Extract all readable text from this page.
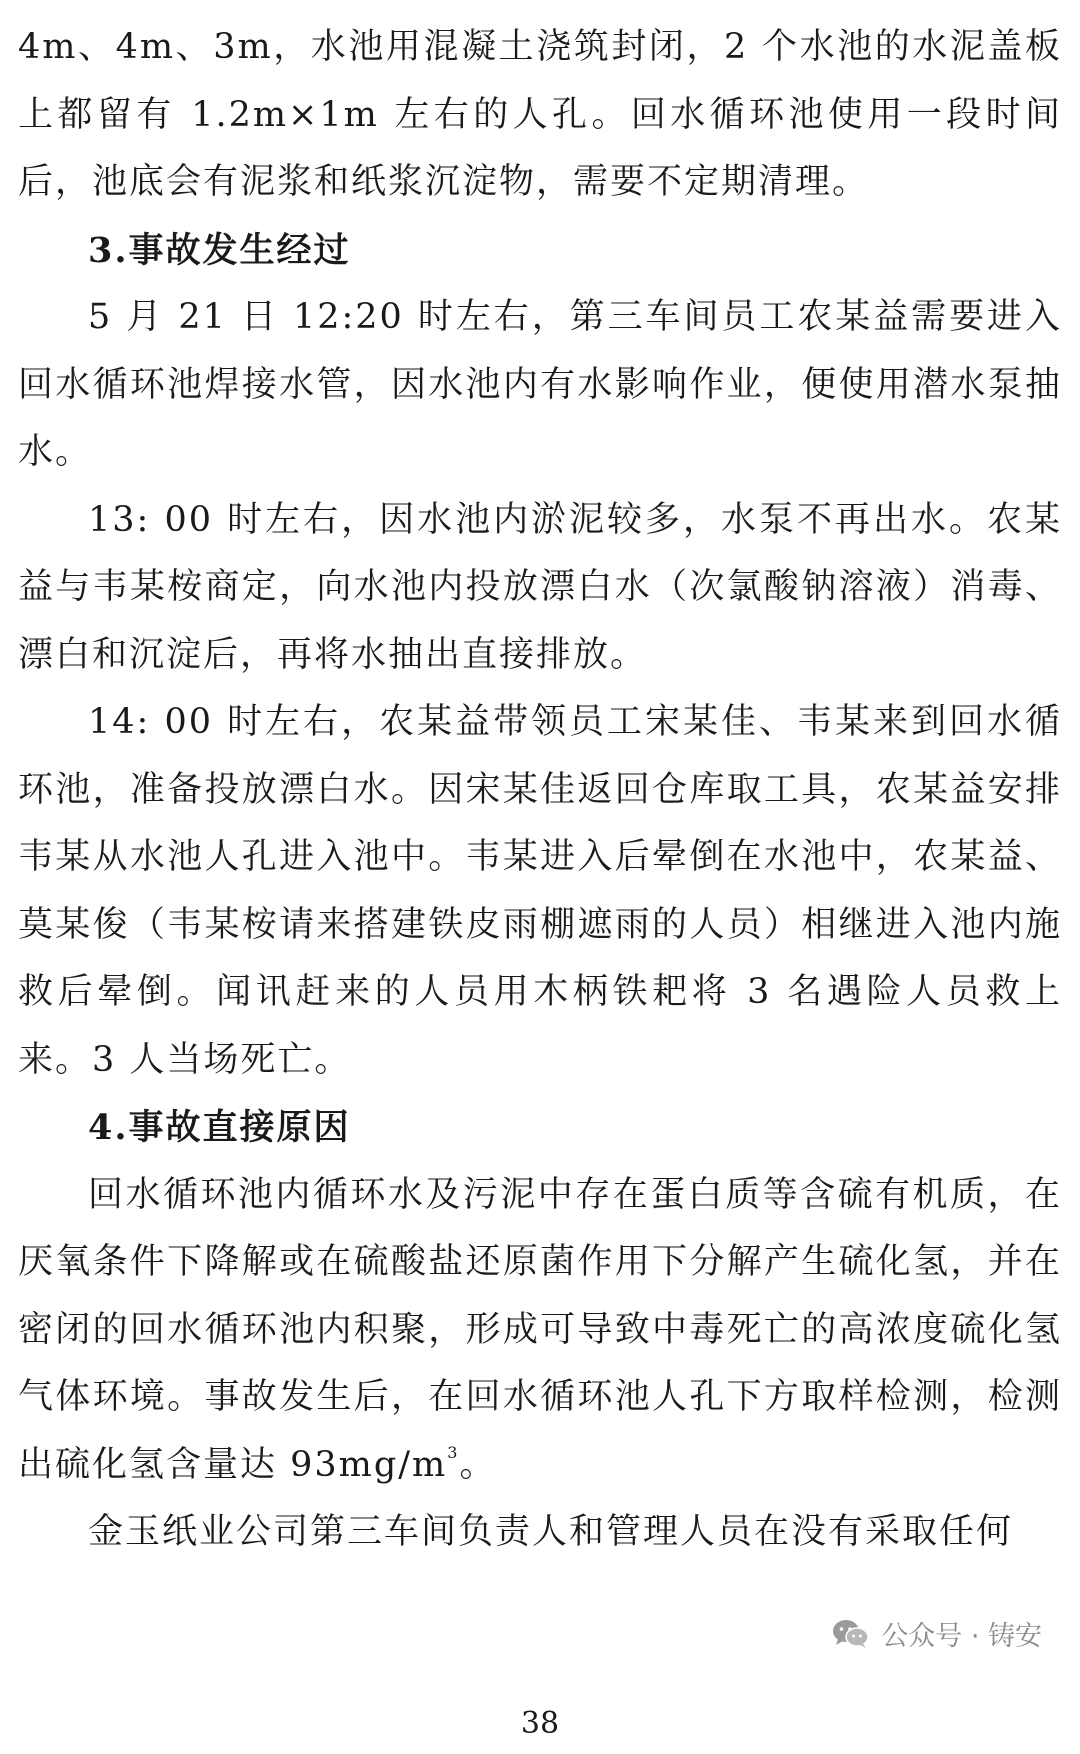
4m、4m、3m，水池用混凝土浇筑封闭，2 个水池的水泥盖板上都留有 1.2m×1m 左右的人孔。回水循环池使用一段时间后，池底会有泥浆和纸浆沉淀物，需要不定期清理。

3.事故发生经过

5 月 21 日 12:20 时左右，第三车间员工农某益需要进入回水循环池焊接水管，因水池内有水影响作业，便使用潜水泵抽水。

13: 00 时左右，因水池内淤泥较多，水泵不再出水。农某益与韦某桉商定，向水池内投放漂白水（次氯酸钠溶液）消毒、漂白和沉淀后，再将水抽出直接排放。

14: 00 时左右，农某益带领员工宋某佳、韦某来到回水循环池，准备投放漂白水。因宋某佳返回仓库取工具，农某益安排韦某从水池人孔进入池中。韦某进入后晕倒在水池中，农某益、莫某俊（韦某桉请来搭建铁皮雨棚遮雨的人员）相继进入池内施救后晕倒。闻讯赶来的人员用木柄铁耙将 3 名遇险人员救上来。3 人当场死亡。

4.事故直接原因

回水循环池内循环水及污泥中存在蛋白质等含硫有机质，在厌氧条件下降解或在硫酸盐还原菌作用下分解产生硫化氢，并在密闭的回水循环池内积聚，形成可导致中毒死亡的高浓度硫化氢气体环境。事故发生后，在回水循环池人孔下方取样检测，检测出硫化氢含量达 $93mg/m^3$。

金玉纸业公司第三车间负责人和管理人员在没有采取任何

公众号 · 铸安
38
